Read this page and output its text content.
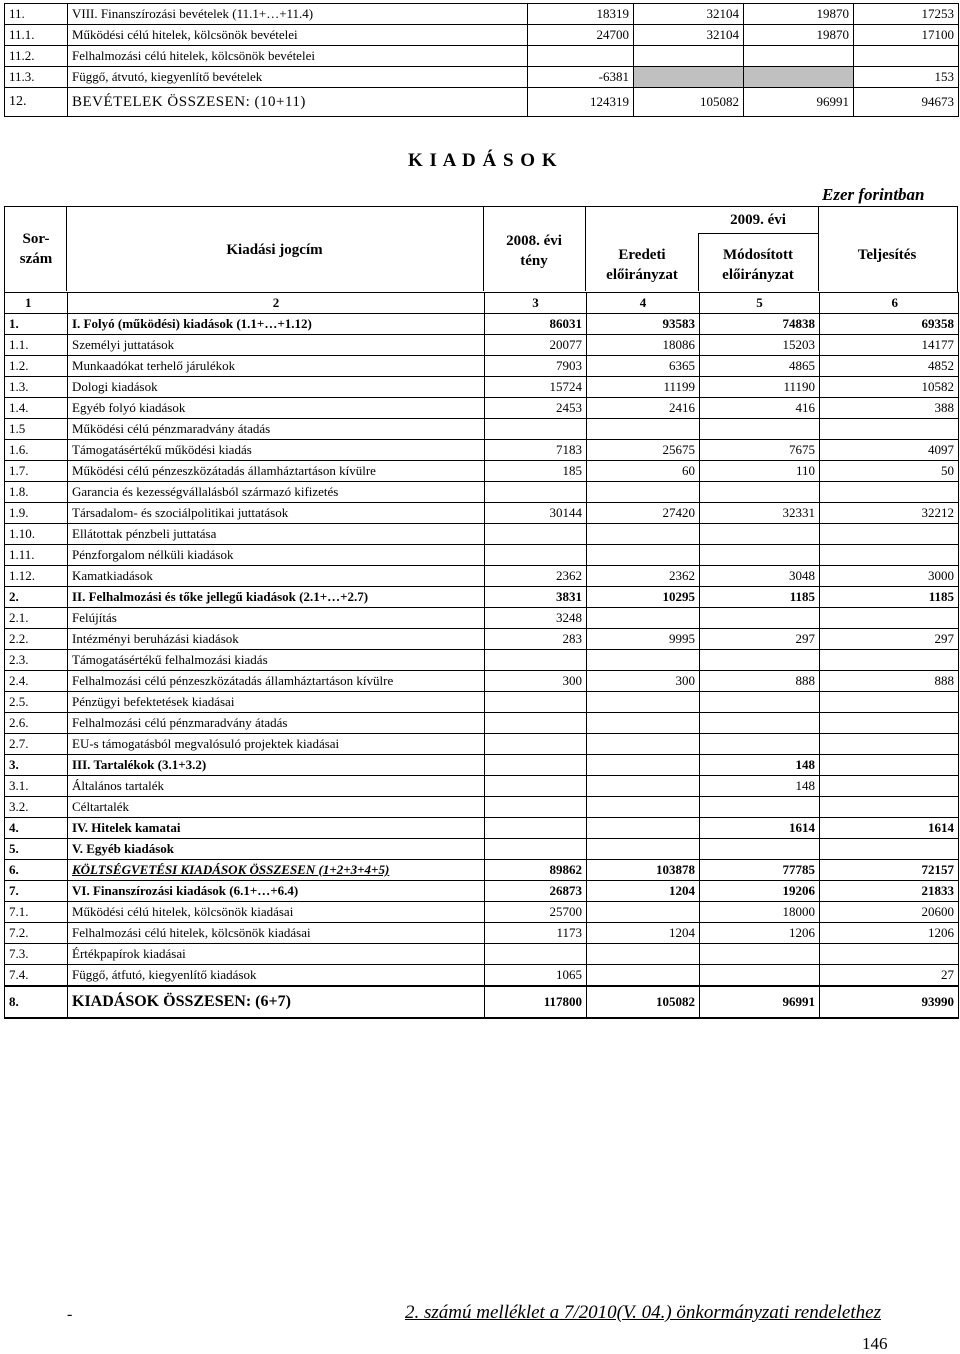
11.	VIII. Finanszírozási bevételek (11.1+…+11.4)	18319	32104	19870	17253
11.1.	Működési célú hitelek, kölcsönök bevételei	24700	32104	19870	17100
11.2.	Felhalmozási célú hitelek, kölcsönök bevételei				
11.3.	Függő, átvutó, kiegyenlítő bevételek	-6381			153
12.	BEVÉTELEK ÖSSZESEN: (10+11)	124319	105082	96991	94673
K I A D Á S O K
Ezer forintban
Sor-
szám
Kiadási jogcím
2008. évi
tény
2009. évi
Eredeti
előirányzat
Módosított
előirányzat
Teljesítés
1	2	3	4	5	6
1.	I. Folyó (működési) kiadások (1.1+…+1.12)	86031	93583	74838	69358
1.1.	Személyi juttatások	20077	18086	15203	14177
1.2.	Munkaadókat terhelő járulékok	7903	6365	4865	4852
1.3.	Dologi kiadások	15724	11199	11190	10582
1.4.	Egyéb folyó kiadások	2453	2416	416	388
1.5	Működési célú pénzmaradvány átadás				
1.6.	Támogatásértékű működési kiadás	7183	25675	7675	4097
1.7.	Működési célú pénzeszközátadás államháztartáson kívülre	185	60	110	50
1.8.	Garancia és kezességvállalásból származó kifizetés				
1.9.	Társadalom- és szociálpolitikai juttatások	30144	27420	32331	32212
1.10.	Ellátottak pénzbeli juttatása				
1.11.	Pénzforgalom nélküli kiadások				
1.12.	Kamatkiadások	2362	2362	3048	3000
2.	II. Felhalmozási és tőke jellegű kiadások (2.1+…+2.7)	3831	10295	1185	1185
2.1.	Felújítás	3248			
2.2.	Intézményi beruházási kiadások	283	9995	297	297
2.3.	Támogatásértékű felhalmozási kiadás				
2.4.	Felhalmozási célú pénzeszközátadás államháztartáson kívülre	300	300	888	888
2.5.	Pénzügyi befektetések kiadásai				
2.6.	Felhalmozási célú pénzmaradvány átadás				
2.7.	EU-s támogatásból megvalósuló projektek kiadásai				
3.	III. Tartalékok (3.1+3.2)			148	
3.1.	Általános tartalék			148	
3.2.	Céltartalék				
4.	IV. Hitelek kamatai			1614	1614
5.	V. Egyéb kiadások				
6.	KÖLTSÉGVETÉSI KIADÁSOK ÖSSZESEN (1+2+3+4+5)	89862	103878	77785	72157
7.	VI. Finanszírozási kiadások (6.1+…+6.4)	26873	1204	19206	21833
7.1.	Működési célú hitelek, kölcsönök kiadásai	25700		18000	20600
7.2.	Felhalmozási célú hitelek, kölcsönök kiadásai	1173	1204	1206	1206
7.3.	Értékpapírok kiadásai				
7.4.	Függő, átfutó, kiegyenlítő kiadások	1065			27
8.	KIADÁSOK ÖSSZESEN: (6+7)	117800	105082	96991	93990
-	2. számú melléklet a 7/2010(V. 04.) önkormányzati rendelethez
146
